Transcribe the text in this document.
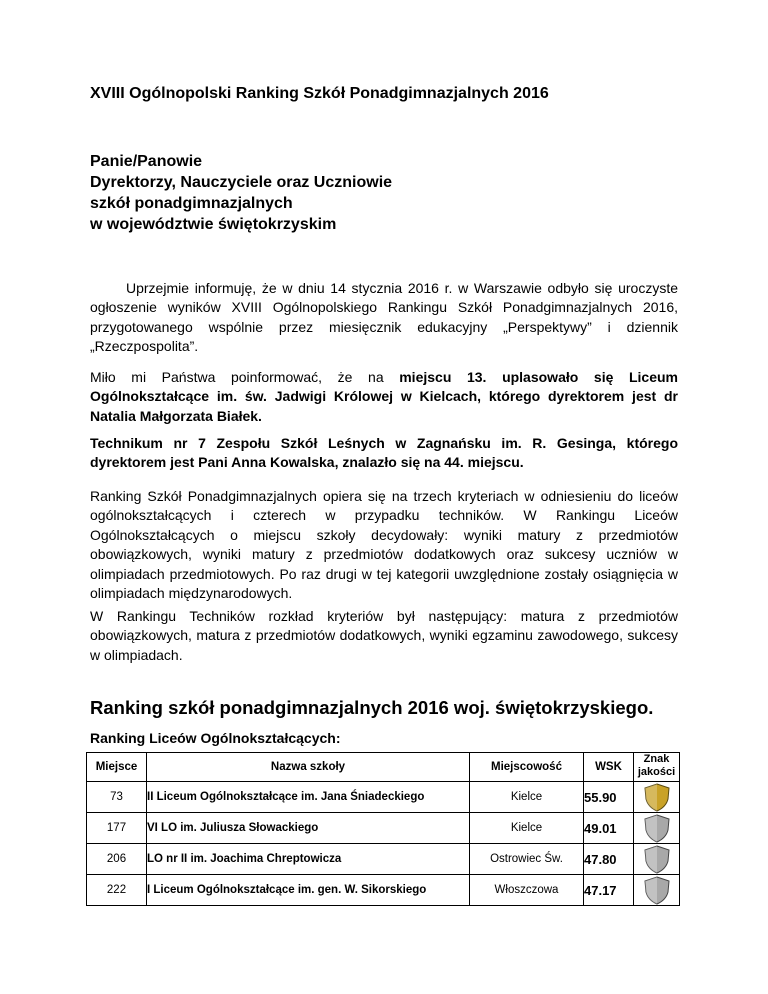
XVIII Ogólnopolski Ranking Szkół Ponadgimnazjalnych 2016
Panie/Panowie
Dyrektorzy, Nauczyciele oraz Uczniowie
szkół ponadgimnazjalnych
w województwie świętokrzyskim
Uprzejmie informuję, że w dniu 14 stycznia 2016 r. w Warszawie odbyło się uroczyste ogłoszenie wyników XVIII Ogólnopolskiego Rankingu Szkół Ponadgimnazjalnych 2016, przygotowanego wspólnie przez miesięcznik edukacyjny „Perspektywy” i dziennik „Rzeczpospolita”.
Miło mi Państwa poinformować, że na miejscu 13. uplasowało się Liceum Ogólnokształcące im. św. Jadwigi Królowej w Kielcach, którego dyrektorem jest dr Natalia Małgorzata Białek.
Technikum nr 7 Zespołu Szkół Leśnych w Zagnańsku im. R. Gesinga, którego dyrektorem jest Pani Anna Kowalska, znalazło się na 44. miejscu.
Ranking Szkół Ponadgimnazjalnych opiera się na trzech kryteriach w odniesieniu do liceów ogólnokształcących i czterech w przypadku techników. W Rankingu Liceów Ogólnokształcących o miejscu szkoły decydowały: wyniki matury z przedmiotów obowiązkowych, wyniki matury z przedmiotów dodatkowych oraz sukcesy uczniów w olimpiadach przedmiotowych. Po raz drugi w tej kategorii uwzględnione zostały osiągnięcia w olimpiadach międzynarodowych.
W Rankingu Techników rozkład kryteriów był następujący: matura z przedmiotów obowiązkowych, matura z przedmiotów dodatkowych, wyniki egzaminu zawodowego, sukcesy w olimpiadach.
Ranking szkół ponadgimnazjalnych 2016 woj. świętokrzyskiego.
Ranking Liceów Ogólnokształcących:
Miejsce	Nazwa szkoły	Miejscowość	WSK	Znak jakości
73	II Liceum Ogólnokształcące im. Jana Śniadeckiego	Kielce	55.90	

177	VI LO im. Juliusza Słowackiego	Kielce	49.01	

206	LO nr II im. Joachima Chreptowicza	Ostrowiec Św.	47.80	

222	I Liceum Ogólnokształcące im. gen. W. Sikorskiego	Włoszczowa	47.17	
